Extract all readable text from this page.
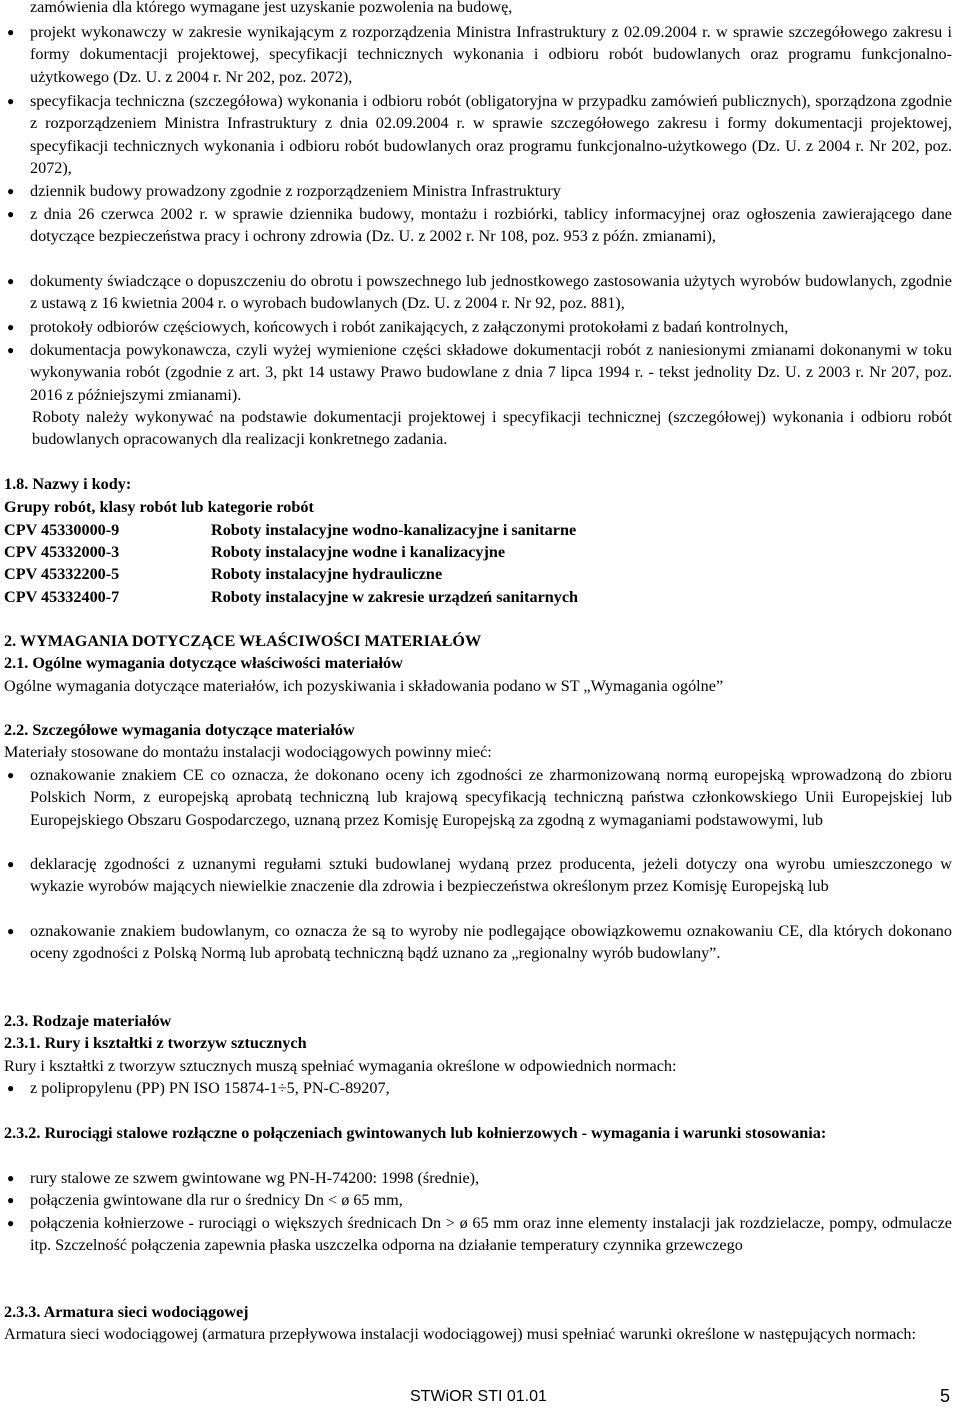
zamówienia dla którego wymagane jest uzyskanie pozwolenia na budowę,
● projekt wykonawczy w zakresie wynikającym z rozporządzenia Ministra Infrastruktury z 02.09.2004 r. w sprawie szczegółowego zakresu i formy dokumentacji projektowej, specyfikacji technicznych wykonania i odbioru robót budowlanych oraz programu funkcjonalno-użytkowego (Dz. U. z 2004 r. Nr 202, poz. 2072),
● specyfikacja techniczna (szczegółowa) wykonania i odbioru robót (obligatoryjna w przypadku zamówień publicznych), sporządzona zgodnie z rozporządzeniem Ministra Infrastruktury z dnia 02.09.2004 r. w sprawie szczegółowego zakresu i formy dokumentacji projektowej, specyfikacji technicznych wykonania i odbioru robót budowlanych oraz programu funkcjonalno-użytkowego (Dz. U. z 2004 r. Nr 202, poz. 2072),
● dziennik budowy prowadzony zgodnie z rozporządzeniem Ministra Infrastruktury
● z dnia 26 czerwca 2002 r. w sprawie dziennika budowy, montażu i rozbiórki, tablicy informacyjnej oraz ogłoszenia zawierającego dane dotyczące bezpieczeństwa pracy i ochrony zdrowia (Dz. U. z 2002 r. Nr 108, poz. 953 z późn. zmianami),
● dokumenty świadczące o dopuszczeniu do obrotu i powszechnego lub jednostkowego zastosowania użytych wyrobów budowlanych, zgodnie z ustawą z 16 kwietnia 2004 r. o wyrobach budowlanych (Dz. U. z 2004 r. Nr 92, poz. 881),
● protokoły odbiorów częściowych, końcowych i robót zanikających, z załączonymi protokołami z badań kontrolnych,
● dokumentacja powykonawcza, czyli wyżej wymienione części składowe dokumentacji robót z naniesionymi zmianami dokonanymi w toku wykonywania robót (zgodnie z art. 3, pkt 14 ustawy Prawo budowlane z dnia 7 lipca 1994 r. - tekst jednolity Dz. U. z 2003 r. Nr 207, poz. 2016 z późniejszymi zmianami).
Roboty należy wykonywać na podstawie dokumentacji projektowej i specyfikacji technicznej (szczegółowej) wykonania i odbioru robót budowlanych opracowanych dla realizacji konkretnego zadania.
1.8. Nazwy i kody:
Grupy robót, klasy robót lub kategorie robót
CPV 45330000-9	Roboty instalacyjne wodno-kanalizacyjne i sanitarne
CPV 45332000-3	Roboty instalacyjne wodne i kanalizacyjne
CPV 45332200-5	Roboty instalacyjne hydrauliczne
CPV 45332400-7	Roboty instalacyjne w zakresie urządzeń sanitarnych
2. WYMAGANIA DOTYCZĄCE WŁAŚCIWOŚCI MATERIAŁÓW
2.1. Ogólne wymagania dotyczące właściwości materiałów
Ogólne wymagania dotyczące materiałów, ich pozyskiwania i składowania podano w ST „Wymagania ogólne”
2.2. Szczegółowe wymagania dotyczące materiałów
Materiały stosowane do montażu instalacji wodociągowych powinny mieć:
● oznakowanie znakiem CE co oznacza, że dokonano oceny ich zgodności ze zharmonizowaną normą europejską wprowadzoną do zbioru Polskich Norm, z europejską aprobatą techniczną lub krajową specyfikacją techniczną państwa członkowskiego Unii Europejskiej lub Europejskiego Obszaru Gospodarczego, uznaną przez Komisję Europejską za zgodną z wymaganiami podstawowymi, lub
● deklarację zgodności z uznanymi regułami sztuki budowlanej wydaną przez producenta, jeżeli dotyczy ona wyrobu umieszczonego w wykazie wyrobów mających niewielkie znaczenie dla zdrowia i bezpieczeństwa określonym przez Komisję Europejską lub
● oznakowanie znakiem budowlanym, co oznacza że są to wyroby nie podlegające obowiązkowemu oznakowaniu CE, dla których dokonano oceny zgodności z Polską Normą lub aprobatą techniczną bądź uznano za „regionalny wyrób budowlany”.
2.3. Rodzaje materiałów
2.3.1. Rury i kształtki z tworzyw sztucznych
Rury i kształtki z tworzyw sztucznych muszą spełniać wymagania określone w odpowiednich normach:
● z polipropylenu (PP) PN ISO 15874-1÷5, PN-C-89207,
2.3.2. Rurociągi stalowe rozłączne o połączeniach gwintowanych lub kołnierzowych - wymagania i warunki stosowania:
● rury stalowe ze szwem gwintowane wg PN-H-74200: 1998 (średnie),
● połączenia gwintowane dla rur o średnicy Dn < ø 65 mm,
● połączenia kołnierzowe - rurociągi o większych średnicach Dn > ø 65 mm oraz inne elementy instalacji jak rozdzielacze, pompy, odmulacze itp. Szczelność połączenia zapewnia płaska uszczelka odporna na działanie temperatury czynnika grzewczego
2.3.3. Armatura sieci wodociągowej
Armatura sieci wodociągowej (armatura przepływowa instalacji wodociągowej) musi spełniać warunki określone w następujących normach:
STWiOR STI 01.01	5
